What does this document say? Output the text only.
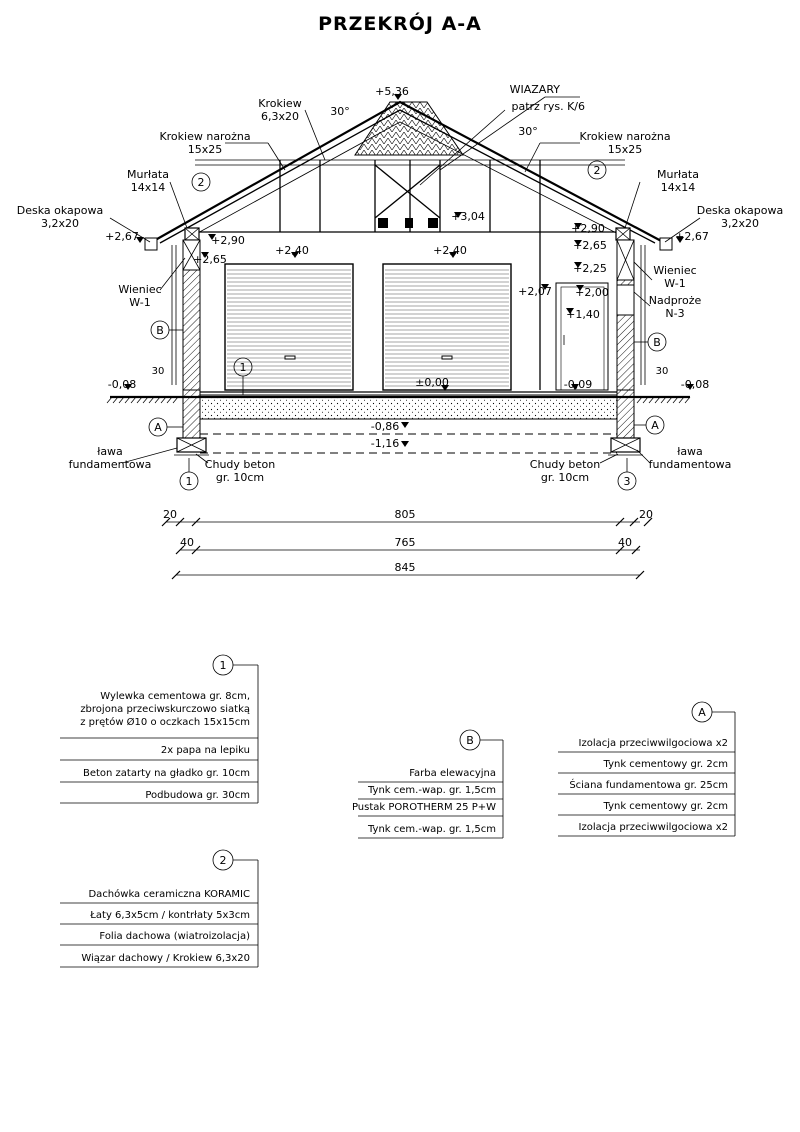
PRZEKRÓJ A-A
2
2
B
B
1
A	A
1	3
+5,36	WIAZARY
patrz rys. K/6
30°
30°
Krokiew
6,3x20
Krokiew narożna
15x25
Krokiew narożna
15x25
Murłata
14x14
Murłata
14x14
Deska okapowa
3,2x20
Deska okapowa
3,2x20
Wieniec
W-1
Wieniec
W-1
Nadproże
N-3
ława
fundamentowa
ława
fundamentowa
Chudy beton
gr. 10cm
Chudy beton
gr. 10cm
+2,67	+2,90
+2,65
+2,40	+2,40
+3,04
+2,90
+2,65
+2,25
+2,07 +2,00
+1,40
+2,67
±0,00	-0,09
-0,08	-0,08
-0,86
-1,16
30	30
805
20	20
765
40	40
845
1
Wylewka cementowa gr. 8cm,
zbrojona przeciwskurczowo siatką
z prętów Ø10 o oczkach 15x15cm
2x papa na lepiku
Beton zatarty na gładko gr. 10cm
Podbudowa gr. 30cm
B
Farba elewacyjna
Tynk cem.-wap. gr. 1,5cm
Pustak POROTHERM 25 P+W
Tynk cem.-wap. gr. 1,5cm
A
Izolacja przeciwwilgociowa x2
Tynk cementowy gr. 2cm
Ściana fundamentowa gr. 25cm
Tynk cementowy gr. 2cm
Izolacja przeciwwilgociowa x2
2
Dachówka ceramiczna KORAMIC
Łaty 6,3x5cm / kontrłaty 5x3cm
Folia dachowa (wiatroizolacja)
Wiązar dachowy / Krokiew 6,3x20
